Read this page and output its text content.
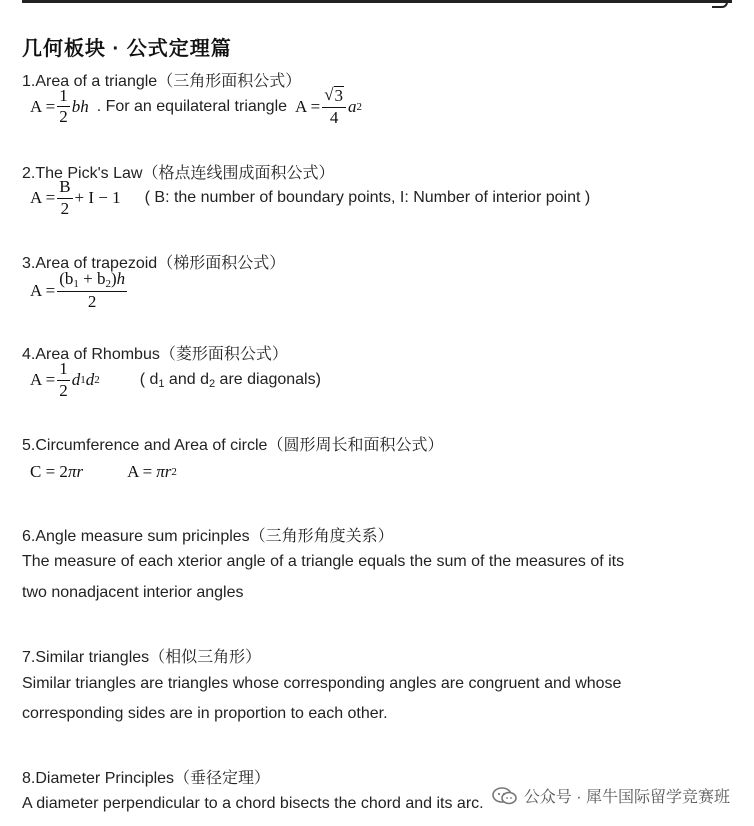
几何板块 · 公式定理篇
1.Area of a triangle（三角形面积公式）
$A = \frac{1}{2}$ bh . For an equilateral triangle $A = \frac{√ 3}{4}$ a 2
2.The Pick's Law（格点连线围成面积公式）
$A = \frac{B}{2} + I - 1$ ( B: the number of boundary points, I: Number of interior point )
3.Area of trapezoid（梯形面积公式）
$A = \frac{(b_1 + b_2)h}{2}$
4.Area of Rhombus（菱形面积公式）
$A = \frac{1}{2}$ d 1 d 2	( $d_1$ and $d_2$ are diagonals)
5.Circumference and Area of circle（圆形周长和面积公式）
C = 2 πr	A = πr 2
6.Angle measure sum pricinples（三角形角度关系）
The measure of each xterior angle of a triangle equals the sum of the measures of its
two nonadjacent interior angles
7.Similar triangles（相似三角形）
Similar triangles are triangles whose corresponding angles are congruent and whose
corresponding sides are in proportion to each other.
8.Diameter Principles（垂径定理）
A diameter perpendicular to a chord bisects the chord and its arc.	公众号 · 犀牛国际留学竞赛班
